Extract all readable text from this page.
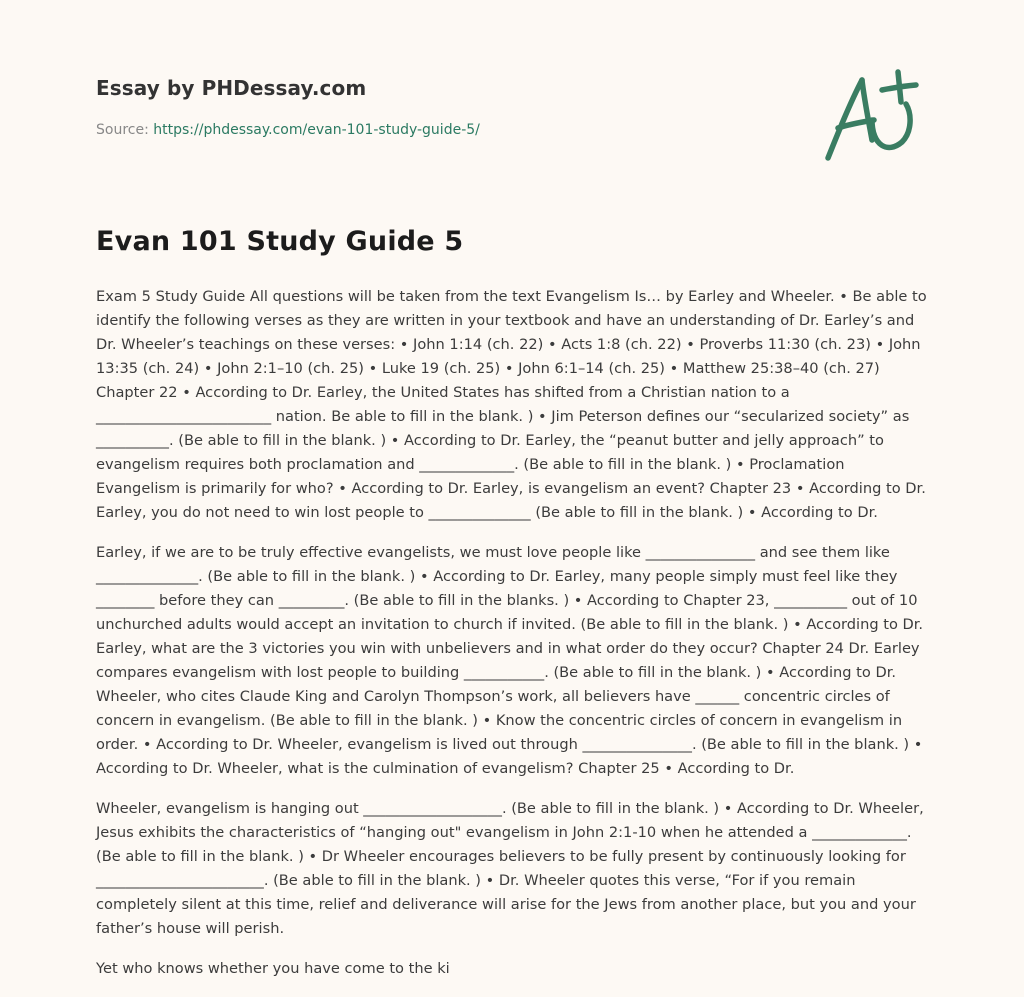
Essay by PHDessay.com
Source: https://phdessay.com/evan-101-study-guide-5/
Evan 101 Study Guide 5

Exam 5 Study Guide All questions will be taken from the text Evangelism Is… by Earley and Wheeler. • Be able to identify the following verses as they are written in your textbook and have an understanding of Dr. Earley’s and Dr. Wheeler’s teachings on these verses: • John 1:14 (ch. 22) • Acts 1:8 (ch. 22) • Proverbs 11:30 (ch. 23) • John 13:35 (ch. 24) • John 2:1–10 (ch. 25) • Luke 19 (ch. 25) • John 6:1–14 (ch. 25) • Matthew 25:38–40 (ch. 27) Chapter 22 • According to Dr. Earley, the United States has shifted from a Christian nation to a ________________________ nation. Be able to fill in the blank. ) • Jim Peterson defines our “secularized society” as __________. (Be able to fill in the blank. ) • According to Dr. Earley, the “peanut butter and jelly approach” to evangelism requires both proclamation and _____________. (Be able to fill in the blank. ) • Proclamation Evangelism is primarily for who? • According to Dr. Earley, is evangelism an event? Chapter 23 • According to Dr. Earley, you do not need to win lost people to ______________ (Be able to fill in the blank. ) • According to Dr.

Earley, if we are to be truly effective evangelists, we must love people like _______________ and see them like ______________. (Be able to fill in the blank. ) • According to Dr. Earley, many people simply must feel like they ________ before they can _________. (Be able to fill in the blanks. ) • According to Chapter 23, __________ out of 10 unchurched adults would accept an invitation to church if invited. (Be able to fill in the blank. ) • According to Dr. Earley, what are the 3 victories you win with unbelievers and in what order do they occur? Chapter 24 Dr. Earley compares evangelism with lost people to building ___________. (Be able to fill in the blank. ) • According to Dr. Wheeler, who cites Claude King and Carolyn Thompson’s work, all believers have ______ concentric circles of concern in evangelism. (Be able to fill in the blank. ) • Know the concentric circles of concern in evangelism in order. • According to Dr. Wheeler, evangelism is lived out through _______________. (Be able to fill in the blank. ) • According to Dr. Wheeler, what is the culmination of evangelism? Chapter 25 • According to Dr.

Wheeler, evangelism is hanging out ___________________. (Be able to fill in the blank. ) • According to Dr. Wheeler, Jesus exhibits the characteristics of “hanging out" evangelism in John 2:1-10 when he attended a _____________. (Be able to fill in the blank. ) • Dr Wheeler encourages believers to be fully present by continuously looking for _______________________. (Be able to fill in the blank. ) • Dr. Wheeler quotes this verse, “For if you remain completely silent at this time, relief and deliverance will arise for the Jews from another place, but you and your father’s house will perish.

Yet who knows whether you have come to the ki
